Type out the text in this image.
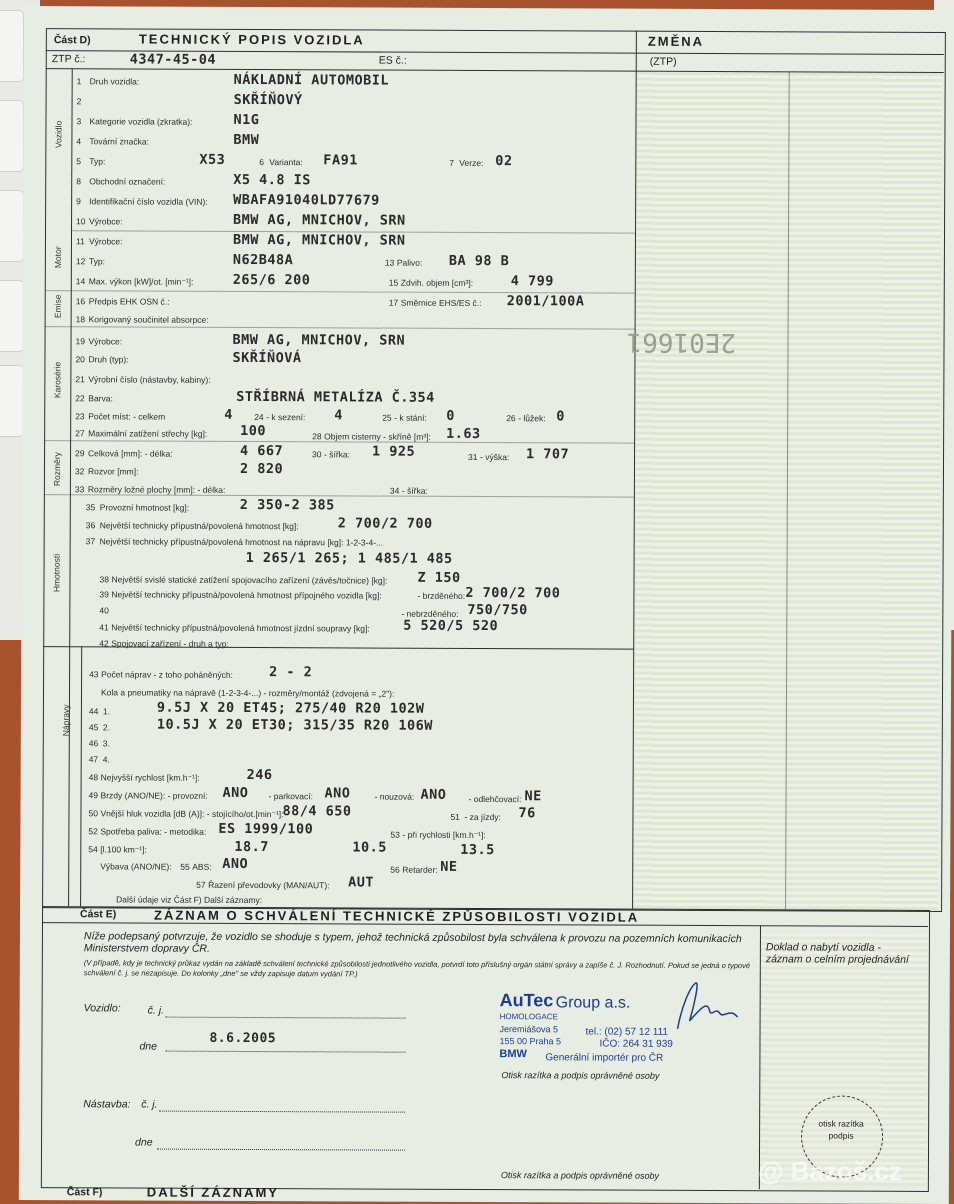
Část D)	TECHNICKÝ POPIS VOZIDLA	ZMĚNA
ZTP č.:	4347-45-04	ES č.:	(ZTP)
Vozidlo
Motor
Emise
Karosérie
Rozměry
Hmotnosti
Nápravy
1 Druh vozidla:	NÁKLADNÍ AUTOMOBIL
2	SKŘÍŇOVÝ
3 Kategorie vozidla (zkratka):	N1G
4 Tovární značka:	BMW
5 Typ:	X53	6 Varianta: FA91	7 Verze: 02
8 Obchodní označení:	X5 4.8 IS
9 Identifikační číslo vozidla (VIN): WBAFA91040LD77679
10 Výrobce:	BMW AG, MNICHOV, SRN
11 Výrobce:	BMW AG, MNICHOV, SRN
12 Typ:	N62B48A	13 Palivo: BA 98 B
14 Max. výkon [kW]/ot. [min⁻¹]:	265/6 200	15 Zdvih. objem [cm³]:	4 799
16 Předpis EHK OSN č.:	17 Směrnice EHS/ES č.: 2001/100A
18 Korigovaný součinitel absorpce:
19 Výrobce:	BMW AG, MNICHOV, SRN
20 Druh (typ):	SKŘÍŇOVÁ
21 Výrobní číslo (nástavby, kabiny):
22 Barva:	STŘÍBRNÁ METALÍZA Č.354
23 Počet míst: - celkem	4	24 - k sezení: 4	25 - k stání: 0	26 - lůžek: 0
27 Maximální zatížení střechy [kg]: 100	28 Objem cisterny - skříně [m³]: 1.63
29 Celková [mm]: - délka:	4 667	30 - šířka: 1 925	31 - výška: 1 707
32 Rozvor [mm]:	2 820
33 Rozměry ložné plochy [mm]: - délka:	34 - šířka:
35 Provozní hmotnost [kg]:	2 350-2 385
36 Největší technicky přípustná/povolená hmotnost [kg]:	2 700/2 700
37 Největší technicky přípustná/povolená hmotnost na nápravu [kg]: 1-2-3-4-...
1 265/1 265; 1 485/1 485
38 Největší svislé statické zatížení spojovacího zařízení (závěs/točnice) [kg]: Z 150
39 Největší technicky přípustná/povolená hmotnost přípojného vozidla [kg]:	- brzděného: 2 700/2 700
40	- nebrzděného: 750/750
41 Největší technicky přípustná/povolená hmotnost jízdní soupravy [kg]: 5 520/5 520
42 Spojovací zařízení - druh a typ:
43 Počet náprav - z toho poháněných:	2 - 2
Kola a pneumatiky na nápravě (1-2-3-4-...) - rozměry/montáž (zdvojená = „2"):
44 1.	9.5J X 20 ET45; 275/40 R20 102W
45 2.	10.5J X 20 ET30; 315/35 R20 106W
46 3.
47 4.
48 Nejvyšší rychlost [km.h⁻¹]:	246
49 Brzdy (ANO/NE): - provozní: ANO - parkovací: ANO	- nouzová: ANO	- odlehčovací: NE
50 Vnější hluk vozidla [dB (A)]: - stojícího/ot.[min⁻¹]:
88/4 650	51 - za jízdy: 76
52 Spotřeba paliva: - metodika: ES 1999/100	53 - při rychlosti [km.h⁻¹]:
54 [l.100 km⁻¹]:	18.7	10.5	13.5
Výbava (ANO/NE): 55 ABS: ANO	56 Retarder: NE
57 Řazení převodovky (MAN/AUT): AUT
Další údaje viz Část F) Další záznamy:
2E01661
Část E)	ZÁZNAM O SCHVÁLENÍ TECHNICKÉ ZPŮSOBILOSTI VOZIDLA
Níže podepsaný potvrzuje, že vozidlo se shoduje s typem, jehož technická způsobilost byla schválena k provozu na pozemních komunikacích Ministerstvem dopravy ČR.
(V případě, kdy je technický průkaz vydán na základě schválení technické způsobilosti jednotlivého vozidla, potvrdí toto příslušný orgán státní správy a zapíše č. J. Rozhodnutí. Pokud se jedná o typové schválení č. j. se nezapisuje. Do kolonky „dne" se vždy zapisuje datum vydání TP.)
Doklad o nabytí vozidla - záznam o celním projednávání
Vozidlo:	č. j.
dne
8.6.2005
AuTec Group a.s.
HOMOLOGACE
Jeremiášova 5
155 00 Praha 5
tel.: (02) 57 12 111
IČO: 264 31 939
BMW Generální importér pro ČR
Otisk razítka a podpis oprávněné osoby
Nástavba: č. j.
dne
Otisk razítka a podpis oprávněné osoby
otisk razítka podpis
Část F)	DALŠÍ ZÁZNAMY
@ Bazoš.cz
